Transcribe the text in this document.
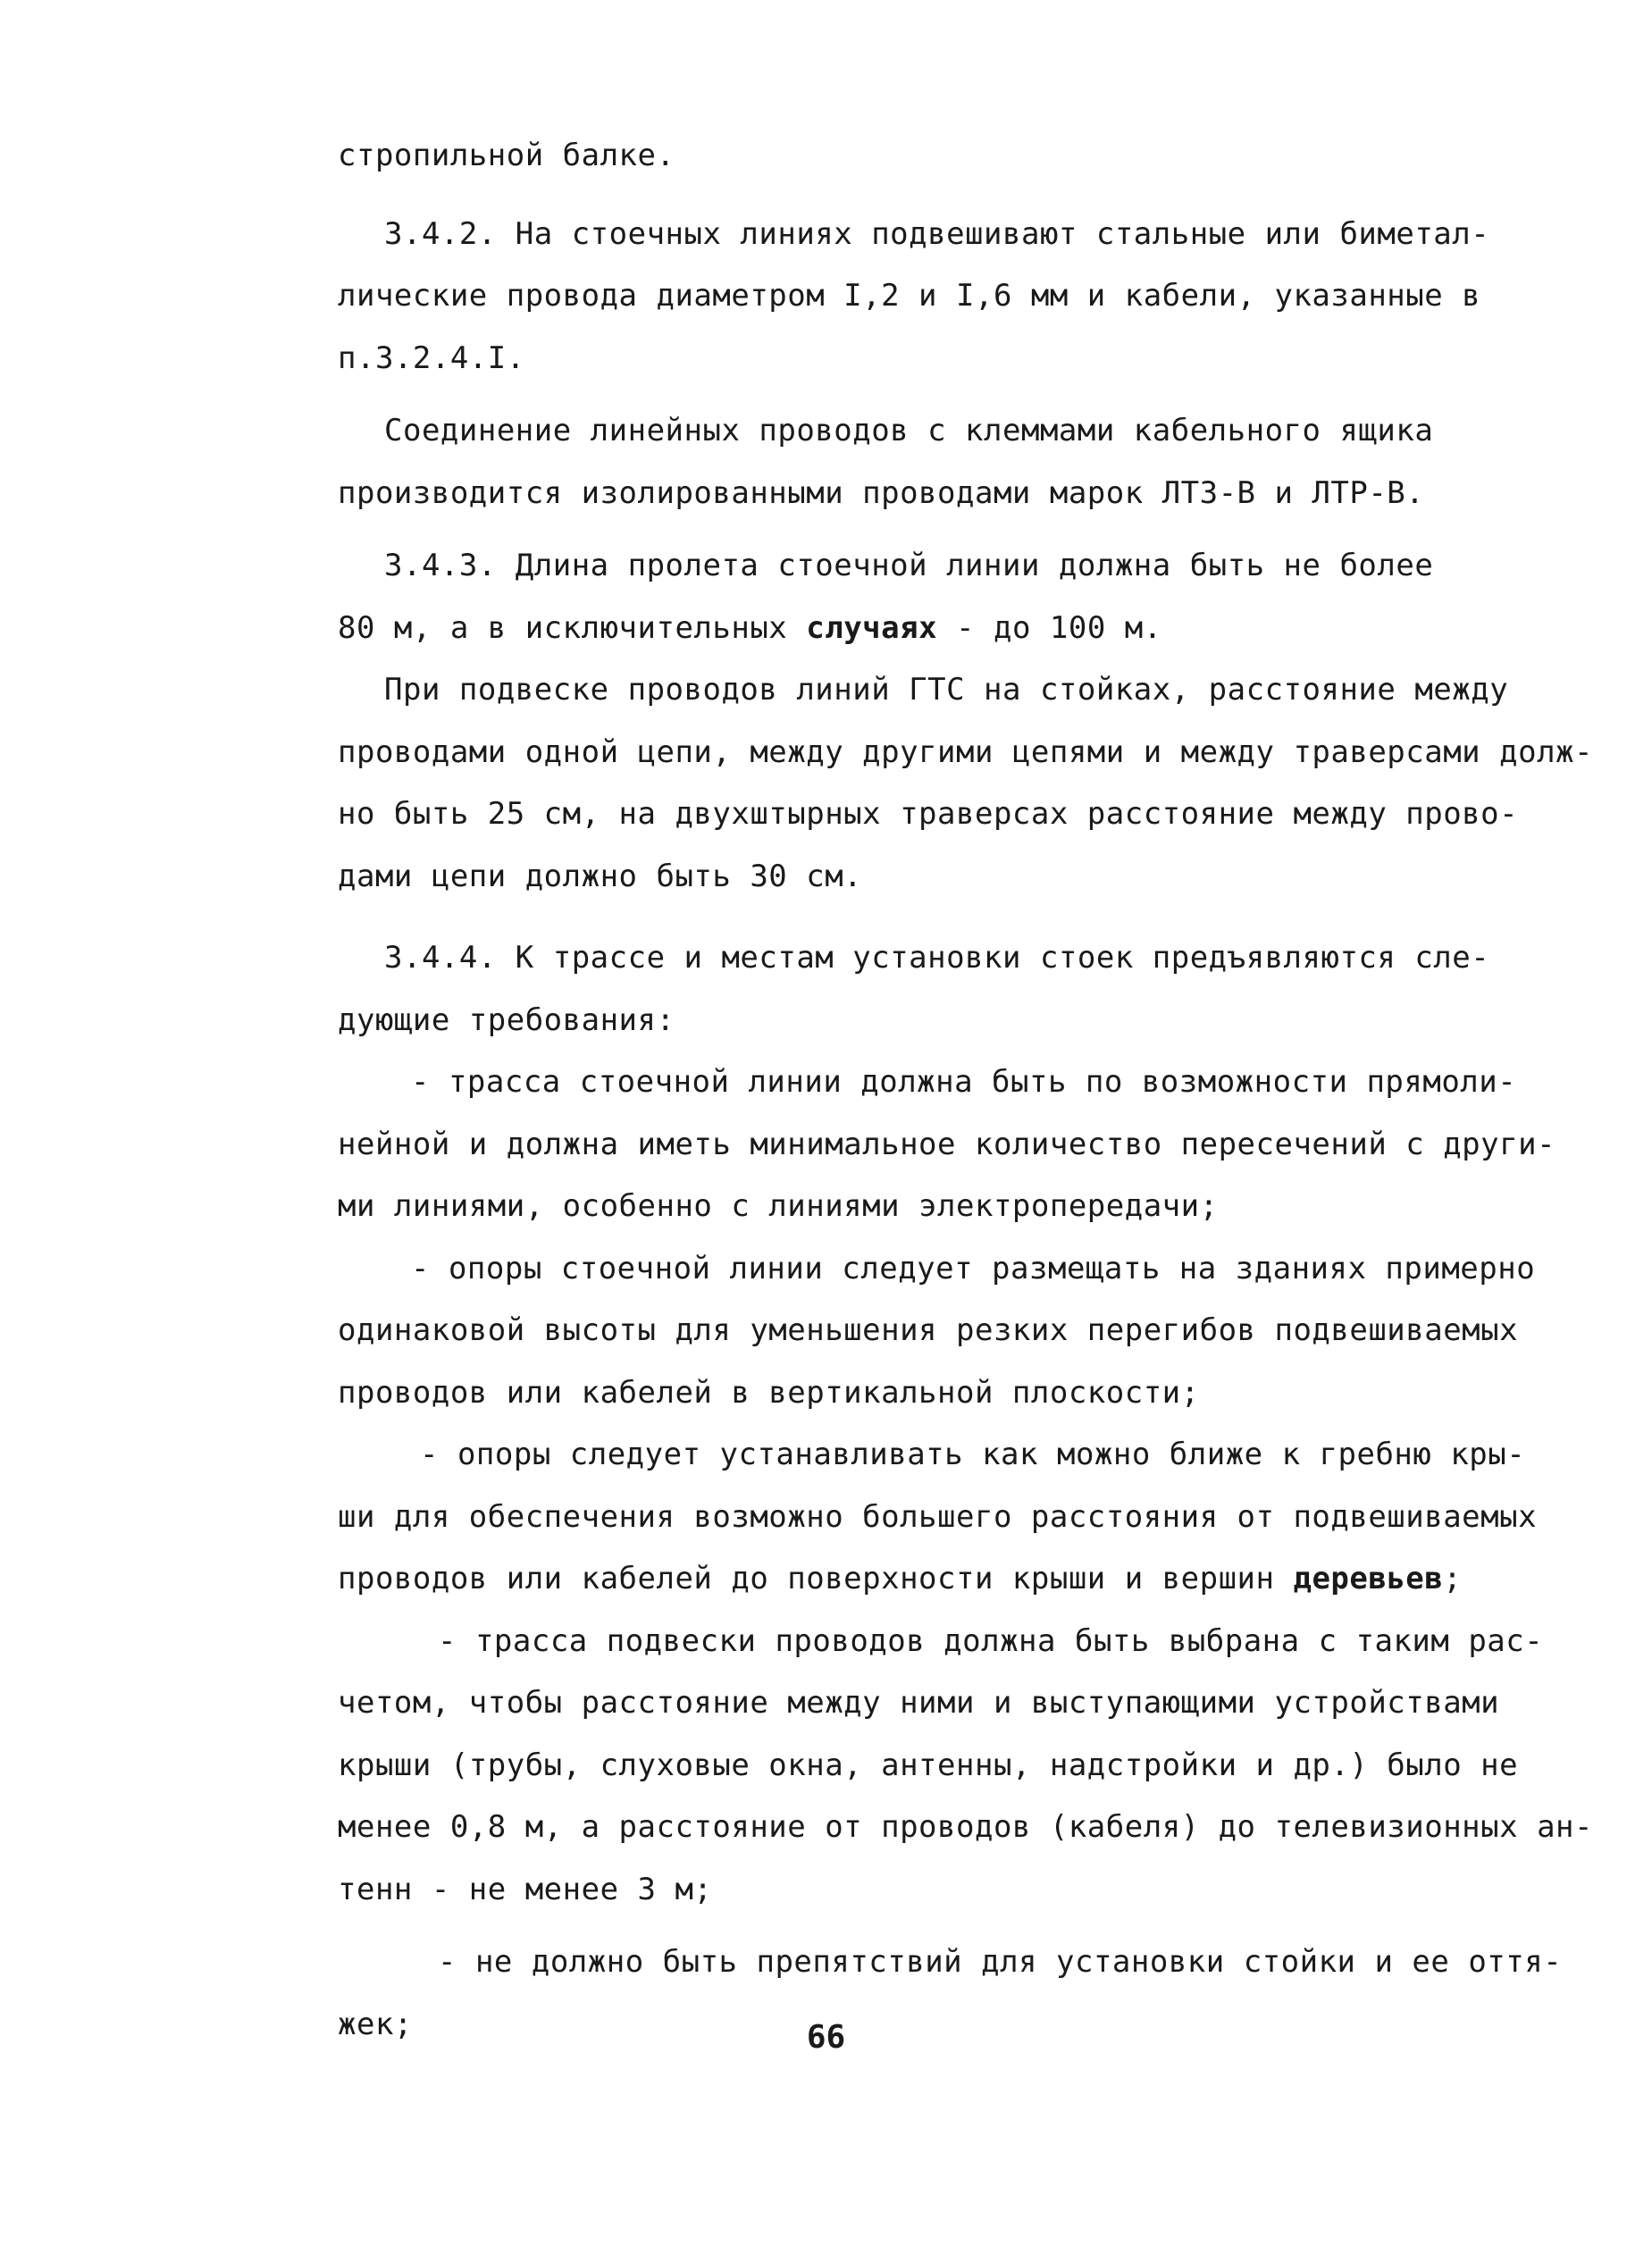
стропильной балке.
3.4.2. На стоечных линиях подвешивают стальные или биметал-
лические провода диаметром I,2 и I,6 мм и кабели, указанные в
п.3.2.4.I.
Соединение линейных проводов с клеммами кабельного ящика
производится изолированными проводами марок ЛТЗ-В и ЛТР-В.
3.4.3. Длина пролета стоечной линии должна быть не более
80 м, а в исключительных случаях - до 100 м.
При подвеске проводов линий ГТС на стойках, расстояние между
проводами одной цепи, между другими цепями и между траверсами долж-
но быть 25 см, на двухштырных траверсах расстояние между прово-
дами цепи должно быть 30 см.
3.4.4. К трассе и местам установки стоек предъявляются сле-
дующие требования:
- трасса стоечной линии должна быть по возможности прямоли-
нейной и должна иметь минимальное количество пересечений с други-
ми линиями, особенно с линиями электропередачи;
- опоры стоечной линии следует размещать на зданиях примерно
одинаковой высоты для уменьшения резких перегибов подвешиваемых
проводов или кабелей в вертикальной плоскости;
- опоры следует устанавливать как можно ближе к гребню кры-
ши для обеспечения возможно большего расстояния от подвешиваемых
проводов или кабелей до поверхности крыши и вершин деревьев;
- трасса подвески проводов должна быть выбрана с таким рас-
четом, чтобы расстояние между ними и выступающими устройствами
крыши (трубы, слуховые окна, антенны, надстройки и др.) было не
менее 0,8 м, а расстояние от проводов (кабеля) до телевизионных ан-
тенн - не менее 3 м;
- не должно быть препятствий для установки стойки и ее оття-
жек;	66
